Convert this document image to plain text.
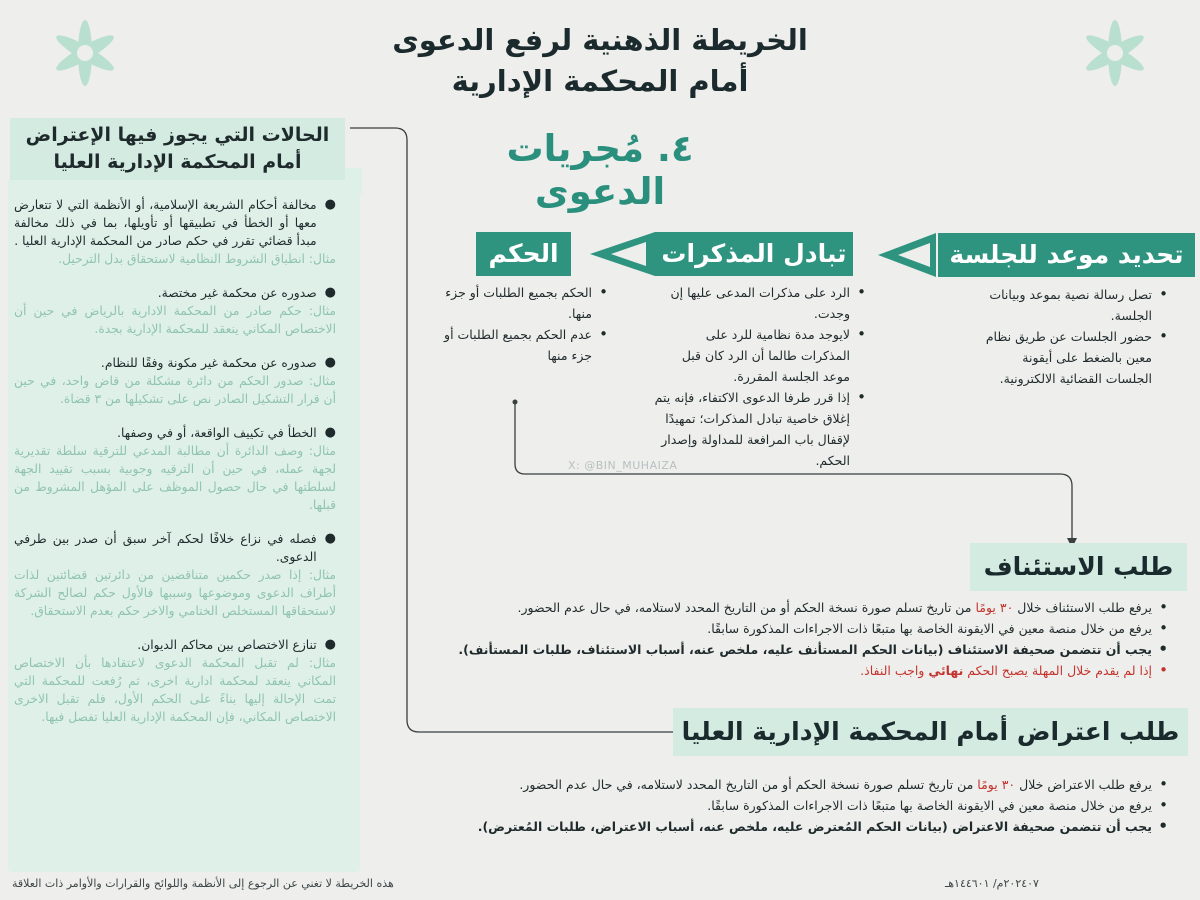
الخريطة الذهنية لرفع الدعوى
أمام المحكمة الإدارية
٤. مُجريات الدعوى
الحالات التي يجوز فيها الإعتراض
أمام المحكمة الإدارية العليا
●
مخالفة أحكام الشريعة الإسلامية، أو الأنظمة التي لا تتعارض معها أو الخطأ في تطبيقها أو تأويلها، بما في ذلك مخالفة مبدأ قضائي تقرر في حكم صادر من المحكمة الإدارية العليا .
مثال: انطباق الشروط النظامية لاستحقاق بدل الترحيل.
●
صدوره عن محكمة غير مختصة.
مثال: حكم صادر من المحكمة الادارية بالرياض في حين أن الاختصاص المكاني ينعقد للمحكمة الإدارية بجدة.
●
صدوره عن محكمة غير مكونة وفقًا للنظام.
مثال: صدور الحكم من دائرة مشكلة من قاض واحد، في حين أن قرار التشكيل الصادر نص على تشكيلها من ٣ قضاة.
●
الخطأ في تكييف الواقعة، أو في وصفها.
مثال: وصف الدائرة أن مطالبة المدعي للترقية سلطة تقديرية لجهة عمله، في حين أن الترقيه وجوبية بسبب تقييد الجهة لسلطتها في حال حصول الموظف على المؤهل المشروط من قبلها.
●
فصله في نزاع خلافًا لحكم آخر سبق أن صدر بين طرفي الدعوى.
مثال: إذا صدر حكمين متناقضين من دائرتين قضائتين لذات أطراف الدعوى وموضوعها وسببها فالأول حكم لصالح الشركة لاستحقاقها المستخلص الختامي والاخر حكم بعدم الاستحقاق.
●
تنازع الاختصاص بين محاكم الديوان.
مثال: لم تقبل المحكمة الدعوى لاعتقادها بأن الاختصاص المكاني ينعقد لمحكمة ادارية اخرى، ثم رُفعت للمحكمة التي تمت الإحالة إليها بناءً على الحكم الأول، فلم تقبل الاخرى الاختصاص المكاني، فإن المحكمة الإدارية العليا تفصل فيها.
تحديد موعد للجلسة
تبادل المذكرات
الحكم
• تصل رسالة نصية بموعد وبيانات الجلسة.
• حضور الجلسات عن طريق نظام معين بالضغط على أيقونة الجلسات القضائية الالكترونية.
• الرد على مذكرات المدعى عليها إن وجدت.
• لايوجد مدة نظامية للرد على المذكرات طالما أن الرد كان قبل موعد الجلسة المقررة.
• إذا قرر طرفا الدعوى الاكتفاء، فإنه يتم إغلاق خاصية تبادل المذكرات؛ تمهيدًا لإقفال باب المرافعة للمداولة وإصدار الحكم.
• الحكم بجميع الطلبات أو جزء منها.
• عدم الحكم بجميع الطلبات أو جزء منها
X: @BIN_MUHAIZA
طلب الاستئناف
• يرفع طلب الاستئناف خلال ٣٠ يومًا من تاريخ تسلم صورة نسخة الحكم أو من التاريخ المحدد لاستلامه، في حال عدم الحضور.
• يرفع من خلال منصة معين في الايقونة الخاصة بها متبعًا ذات الاجراءات المذكورة سابقًا.
• يجب أن تتضمن صحيفة الاستئناف (بيانات الحكم المستأنف عليه، ملخص عنه، أسباب الاستئناف، طلبات المستأنف).
• إذا لم يقدم خلال المهلة يصبح الحكم نهائي واجب النفاذ.
طلب اعتراض أمام المحكمة الإدارية العليا
• يرفع طلب الاعتراض خلال ٣٠ يومًا من تاريخ تسلم صورة نسخة الحكم أو من التاريخ المحدد لاستلامه، في حال عدم الحضور.
• يرفع من خلال منصة معين في الايقونة الخاصة بها متبعًا ذات الاجراءات المذكورة سابقًا.
• يجب أن تتضمن صحيفة الاعتراض (بيانات الحكم المُعترض عليه، ملخص عنه، أسباب الاعتراض، طلبات المُعترض).
هذه الخريطة لا تغني عن الرجوع إلى الأنظمة واللوائح والقرارات والأوامر ذات العلاقة	٢٠٢٤٠٧م/ ١٤٤٦٠١هـ
